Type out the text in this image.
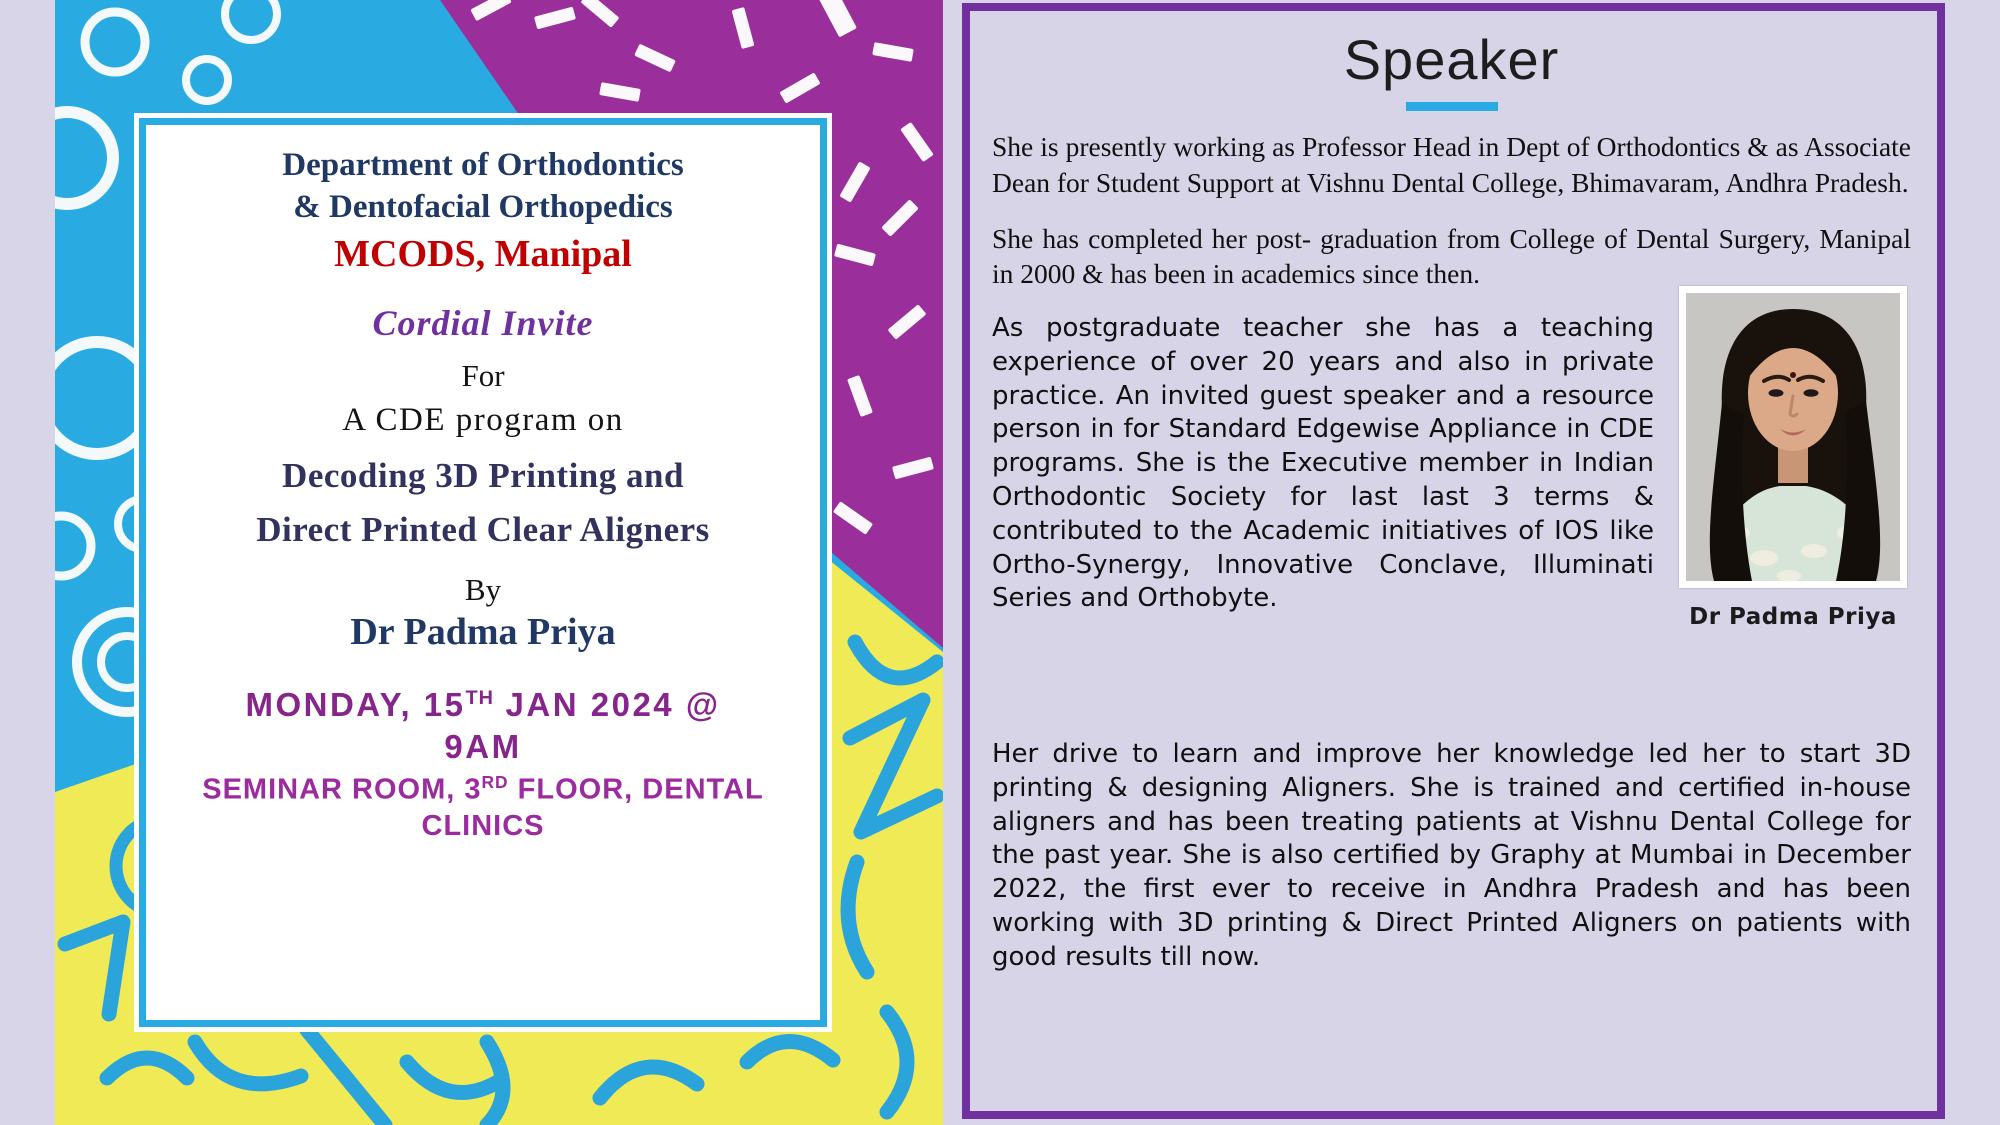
Department of Orthodontics
& Dentofacial Orthopedics
MCODS, Manipal
Cordial Invite
For
A CDE program on
Decoding 3D Printing and
Direct Printed Clear Aligners
By
Dr Padma Priya
MONDAY, 15TH JAN 2024 @
9AM
SEMINAR ROOM, 3RD FLOOR, DENTAL CLINICS
Speaker

She is presently working as Professor Head in Dept of Orthodontics & as Associate Dean for Student Support at Vishnu Dental College, Bhimavaram, Andhra Pradesh.

She has completed her post- graduation from College of Dental Surgery, Manipal in 2000 & has been in academics since then.

As postgraduate teacher she has a teaching experience of over 20 years and also in private practice. An invited guest speaker and a resource person in for Standard Edgewise Appliance in CDE programs. She is the Executive member in Indian Orthodontic Society for last last 3 terms & contributed to the Academic initiatives of IOS like Ortho-Synergy, Innovative Conclave, Illuminati Series and Orthobyte.

Dr Padma Priya

Her drive to learn and improve her knowledge led her to start 3D printing & designing Aligners. She is trained and certified in-house aligners and has been treating patients at Vishnu Dental College for the past year. She is also certified by Graphy at Mumbai in December 2022, the first ever to receive in Andhra Pradesh and has been working with 3D printing & Direct Printed Aligners on patients with good results till now.
